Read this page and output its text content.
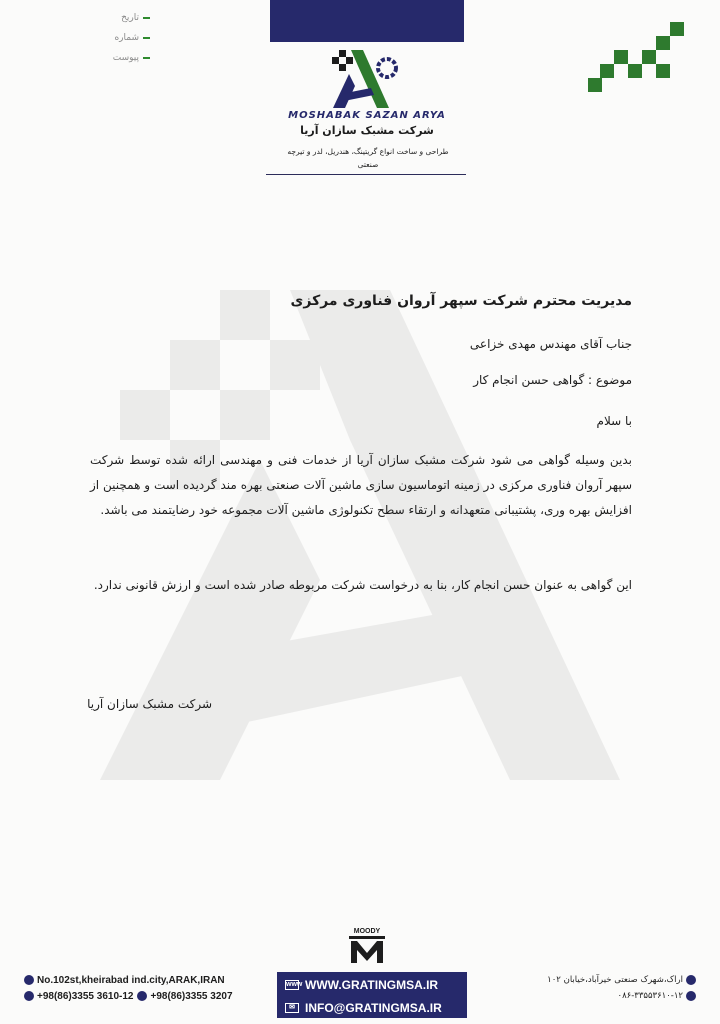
تاریخ
شماره
پیوست
MOSHABAK SAZAN ARYA
شرکت مشبک سازان آریا
طراحی و ساخت انواع گریتینگ، هندریل، لدر و تیرچه صنعتی
مدیریت محترم شرکت سپهر آروان فناوری مرکزی
جناب آقای مهندس مهدی خزاعی
موضوع : گواهی حسن انجام کار
با سلام
بدین وسیله گواهی می شود شرکت مشبک سازان آریا از خدمات فنی و مهندسی ارائه شده توسط شرکت سپهر آروان فناوری مرکزی در زمینه اتوماسیون سازی ماشین آلات صنعتی بهره مند گردیده است و همچنین از افزایش بهره وری، پشتیبانی متعهدانه و ارتقاء سطح تکنولوژی ماشین آلات مجموعه خود رضایتمند می باشد.
این گواهی به عنوان حسن انجام کار، بنا به درخواست شرکت مربوطه صادر شده است و ارزش قانونی ندارد.
شرکت مشبک سازان آریا
MOODY
No.102st,kheirabad ind.city,ARAK,IRAN
+98(86)3355 3610-12 +98(86)3355 3207
www WWW.GRATINGMSA.IR
✉ INFO@GRATINGMSA.IR
اراک،شهرک صنعتی خیرآباد،خیابان ۱۰۲
۰۸۶-۳۳۵۵۳۶۱۰-۱۲
